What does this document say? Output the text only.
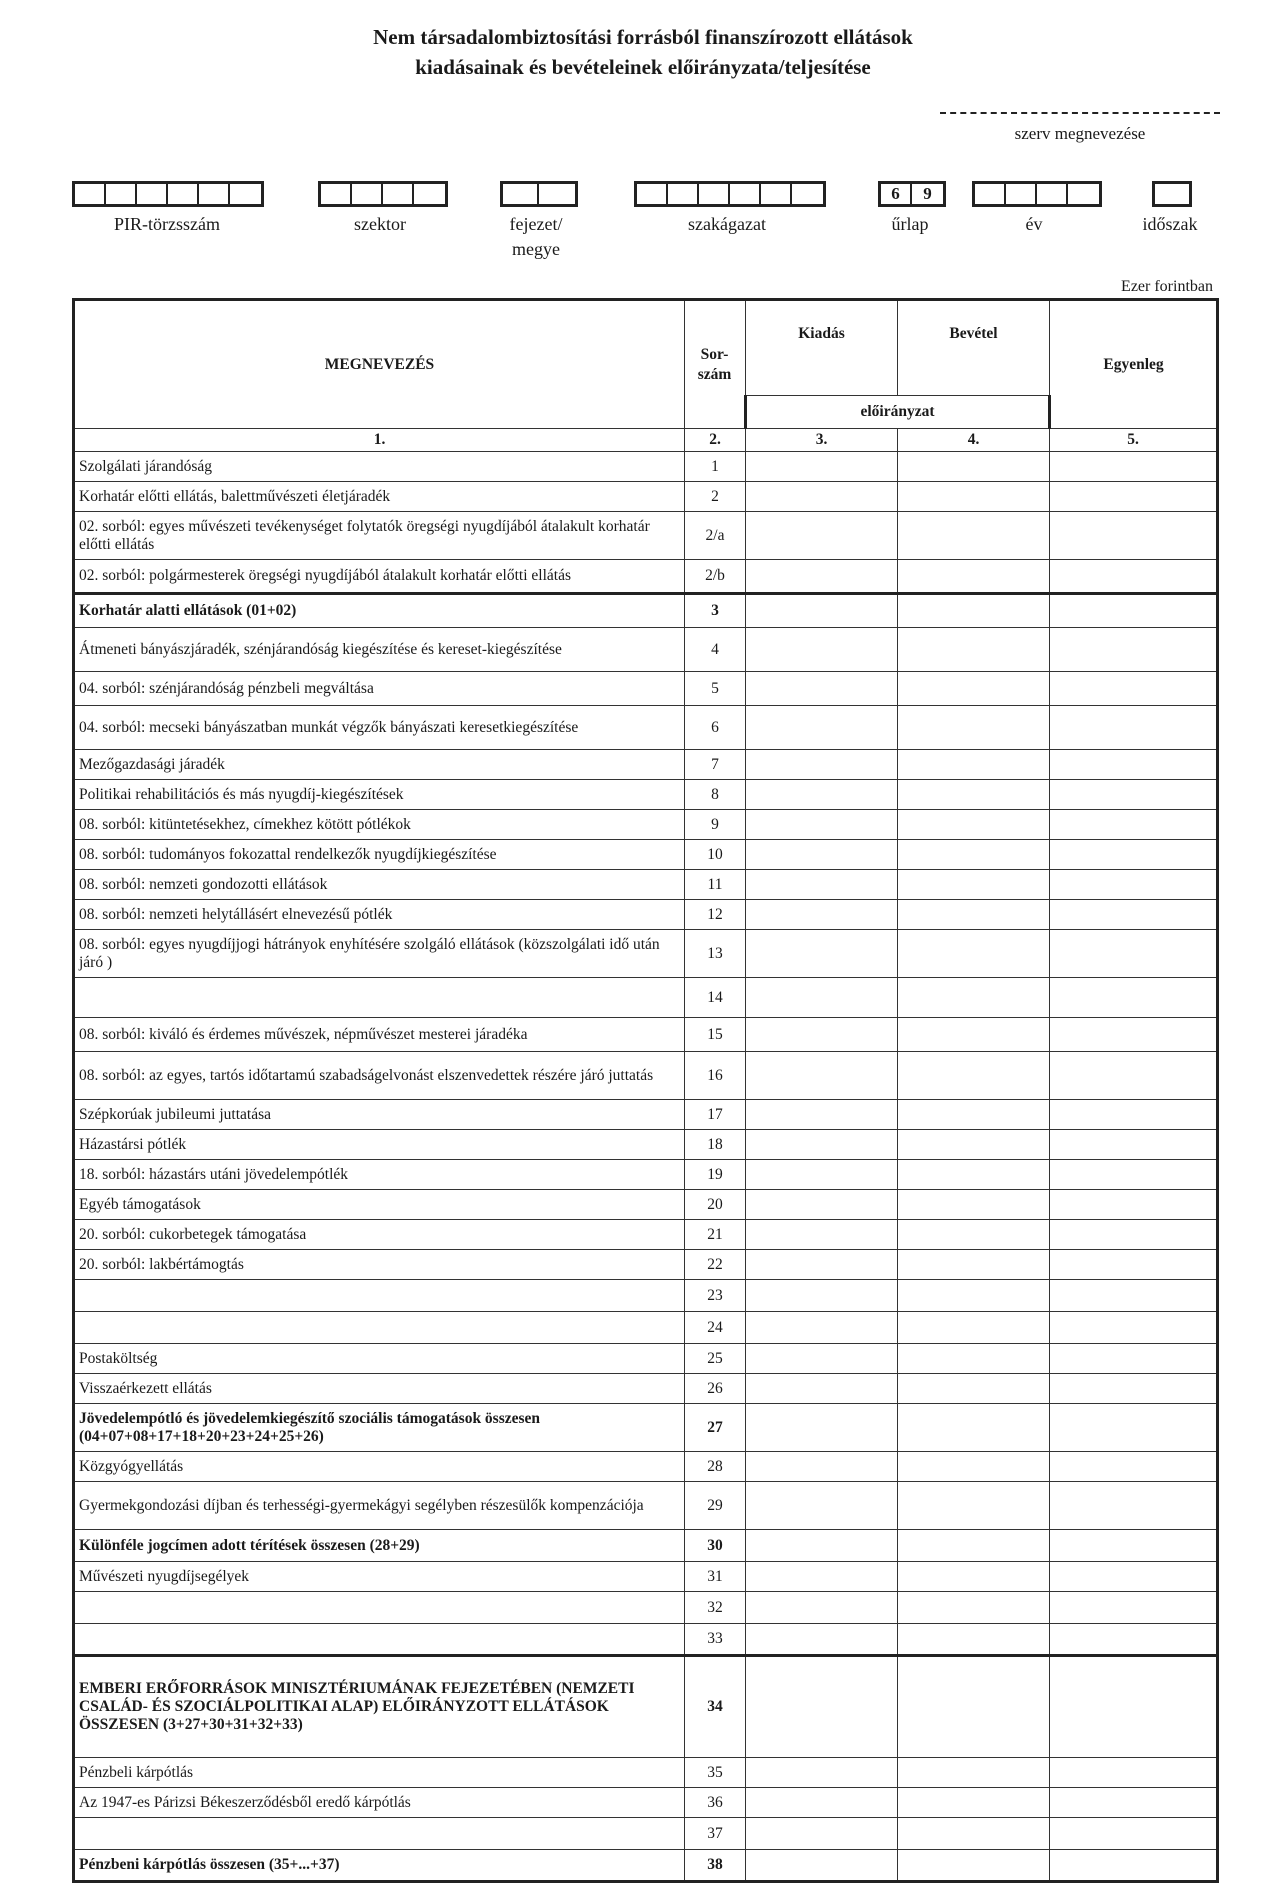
Nem társadalombiztosítási forrásból finanszírozott ellátások
kiadásainak és bevételeinek előirányzata/teljesítése
szerv megnevezése
PIR-törzsszám	szektor	fejezet/
megye
szakágazat
6	9
űrlap	év	időszak
Ezer forintban
MEGNEVEZÉS	Sor-
szám	Kiadás	Bevétel	Egyenleg
		előirányzat		
1.	2.	3.	4.	5.
Szolgálati járandóság	1			
Korhatár előtti ellátás, balettművészeti életjáradék	2			
02. sorból: egyes művészeti tevékenységet folytatók öregségi nyugdíjából átalakult korhatár előtti ellátás	2/a			
02. sorból: polgármesterek öregségi nyugdíjából átalakult korhatár előtti ellátás	2/b			
Korhatár alatti ellátások (01+02)	3			
Átmeneti bányászjáradék, szénjárandóság kiegészítése és kereset-kiegészítése	4			
04. sorból: szénjárandóság pénzbeli megváltása	5			
04. sorból: mecseki bányászatban munkát végzők bányászati keresetkiegészítése	6			
Mezőgazdasági járadék	7			
Politikai rehabilitációs és más nyugdíj-kiegészítések	8			
08. sorból: kitüntetésekhez, címekhez kötött pótlékok	9			
08. sorból: tudományos fokozattal rendelkezők nyugdíjkiegészítése	10			
08. sorból: nemzeti gondozotti ellátások	11			
08. sorból: nemzeti helytállásért elnevezésű pótlék	12			
08. sorból: egyes nyugdíjjogi hátrányok enyhítésére szolgáló ellátások (közszolgálati idő után járó )	13			
	14			
08. sorból: kiváló és érdemes művészek, népművészet mesterei járadéka	15			
08. sorból: az egyes, tartós időtartamú szabadságelvonást elszenvedettek részére járó juttatás	16			
Szépkorúak jubileumi juttatása	17			
Házastársi pótlék	18			
18. sorból: házastárs utáni jövedelempótlék	19			
Egyéb támogatások	20			
20. sorból: cukorbetegek támogatása	21			
20. sorból: lakbértámogtás	22			
	23			
	24			
Postaköltség	25			
Visszaérkezett ellátás	26			
Jövedelempótló és jövedelemkiegészítő szociális támogatások összesen (04+07+08+17+18+20+23+24+25+26)	27			
Közgyógyellátás	28			
Gyermekgondozási díjban és terhességi-gyermekágyi segélyben részesülők kompenzációja	29			
Különféle jogcímen adott térítések összesen (28+29)	30			
Művészeti nyugdíjsegélyek	31			
	32			
	33			
EMBERI ERŐFORRÁSOK MINISZTÉRIUMÁNAK FEJEZETÉBEN (NEMZETI CSALÁD- ÉS SZOCIÁLPOLITIKAI ALAP) ELŐIRÁNYZOTT ELLÁTÁSOK ÖSSZESEN (3+27+30+31+32+33)	34			
Pénzbeli kárpótlás	35			
Az 1947-es Párizsi Békeszerződésből eredő kárpótlás	36			
	37			
Pénzbeni kárpótlás összesen (35+...+37)	38			
